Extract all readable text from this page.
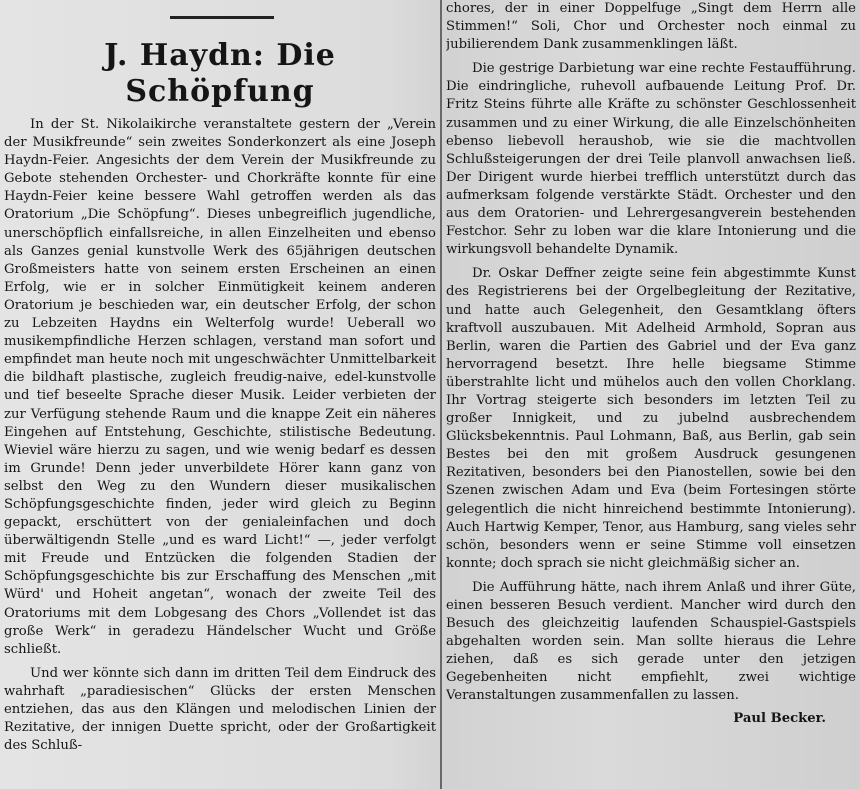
J. Haydn: Die Schöpfung

In der St. Nikolaikirche veranstaltete gestern der „Verein der Musikfreunde“ sein zweites Sonderkonzert als eine Joseph Haydn-Feier. Angesichts der dem Verein der Musikfreunde zu Gebote stehenden Orchester- und Chorkräfte konnte für eine Haydn-Feier keine bessere Wahl getroffen werden als das Oratorium „Die Schöpfung“. Dieses unbegreiflich jugendliche, unerschöpflich einfallsreiche, in allen Einzelheiten und ebenso als Ganzes genial kunstvolle Werk des 65jährigen deutschen Großmeisters hatte von seinem ersten Erscheinen an einen Erfolg, wie er in solcher Einmütigkeit keinem anderen Oratorium je beschieden war, ein deutscher Erfolg, der schon zu Lebzeiten Haydns ein Welterfolg wurde! Ueberall wo musikempfindliche Herzen schlagen, verstand man sofort und empfindet man heute noch mit ungeschwächter Unmittelbarkeit die bildhaft plastische, zugleich freudig-naive, edel-kunstvolle und tief beseelte Sprache dieser Musik. Leider verbieten der zur Verfügung stehende Raum und die knappe Zeit ein näheres Eingehen auf Entstehung, Geschichte, stilistische Bedeutung. Wieviel wäre hierzu zu sagen, und wie wenig bedarf es dessen im Grunde! Denn jeder unverbildete Hörer kann ganz von selbst den Weg zu den Wundern dieser musikalischen Schöpfungsgeschichte finden, jeder wird gleich zu Beginn gepackt, erschüttert von der genialeinfachen und doch überwältigendn Stelle „und es ward Licht!“ —, jeder verfolgt mit Freude und Entzücken die folgenden Stadien der Schöpfungsgeschichte bis zur Erschaffung des Menschen „mit Würd' und Hoheit angetan“, wonach der zweite Teil des Oratoriums mit dem Lobgesang des Chors „Vollendet ist das große Werk“ in geradezu Händelscher Wucht und Größe schließt.

Und wer könnte sich dann im dritten Teil dem Eindruck des wahrhaft „paradiesischen“ Glücks der ersten Menschen entziehen, das aus den Klängen und melodischen Linien der Rezitative, der innigen Duette spricht, oder der Großartigkeit des Schluß-

chores, der in einer Doppelfuge „Singt dem Herrn alle Stimmen!“ Soli, Chor und Orchester noch einmal zu jubilierendem Dank zusammenklingen läßt.

Die gestrige Darbietung war eine rechte Festaufführung. Die eindringliche, ruhevoll aufbauende Leitung Prof. Dr. Fritz Steins führte alle Kräfte zu schönster Geschlossenheit zusammen und zu einer Wirkung, die alle Einzelschönheiten ebenso liebevoll heraushob, wie sie die machtvollen Schlußsteigerungen der drei Teile planvoll anwachsen ließ. Der Dirigent wurde hierbei trefflich unterstützt durch das aufmerksam folgende verstärkte Städt. Orchester und den aus dem Oratorien- und Lehrergesangverein bestehenden Festchor. Sehr zu loben war die klare Intonierung und die wirkungsvoll behandelte Dynamik.

Dr. Oskar Deffner zeigte seine fein abgestimmte Kunst des Registrierens bei der Orgelbegleitung der Rezitative, und hatte auch Gelegenheit, den Gesamtklang öfters kraftvoll auszubauen. Mit Adelheid Armhold, Sopran aus Berlin, waren die Partien des Gabriel und der Eva ganz hervorragend besetzt. Ihre helle biegsame Stimme überstrahlte licht und mühelos auch den vollen Chorklang. Ihr Vortrag steigerte sich besonders im letzten Teil zu großer Innigkeit, und zu jubelnd ausbrechendem Glücksbekenntnis. Paul Lohmann, Baß, aus Berlin, gab sein Bestes bei den mit großem Ausdruck gesungenen Rezitativen, besonders bei den Pianostellen, sowie bei den Szenen zwischen Adam und Eva (beim Fortesingen störte gelegentlich die nicht hinreichend bestimmte Intonierung). Auch Hartwig Kemper, Tenor, aus Hamburg, sang vieles sehr schön, besonders wenn er seine Stimme voll einsetzen konnte; doch sprach sie nicht gleichmäßig sicher an.

Die Aufführung hätte, nach ihrem Anlaß und ihrer Güte, einen besseren Besuch verdient. Mancher wird durch den Besuch des gleichzeitig laufenden Schauspiel-Gastspiels abgehalten worden sein. Man sollte hieraus die Lehre ziehen, daß es sich gerade unter den jetzigen Gegebenheiten nicht empfiehlt, zwei wichtige Veranstaltungen zusammenfallen zu lassen.

Paul Becker.
